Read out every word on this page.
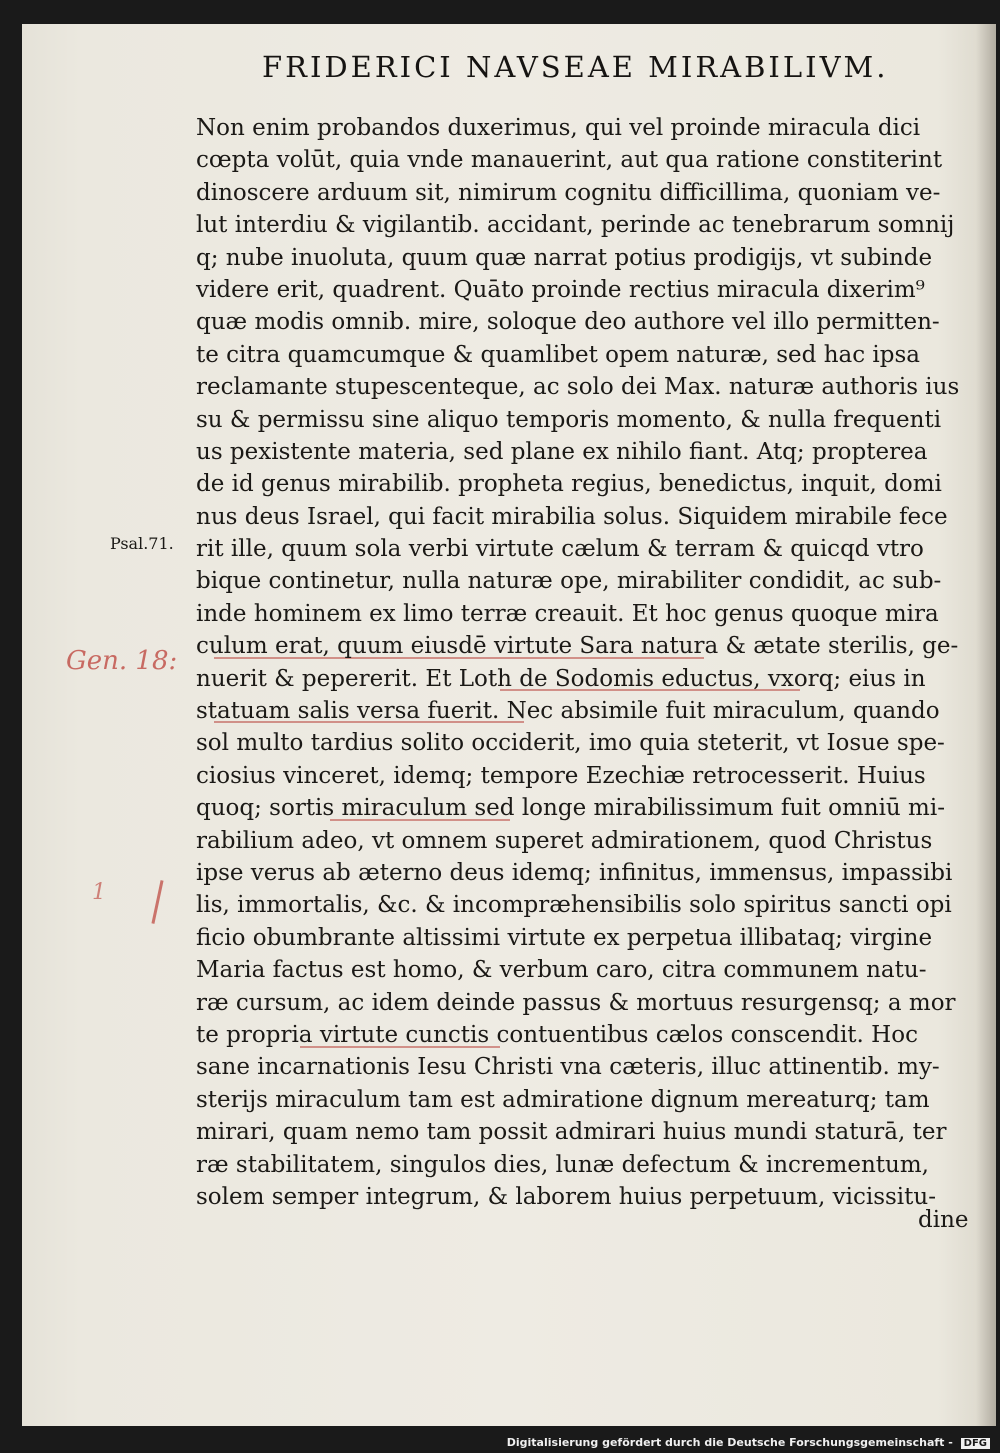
FRIDERICI NAVSEAE MIRABILIVM.
Psal.71.
Gen. 18:
1
Non enim probandos duxerimus, qui vel proinde miracula dici
cœpta volūt, quia vnde manauerint, aut qua ratione constiterint
dinoscere arduum sit, nimirum cognitu difficillima, quoniam ve-
lut interdiu & vigilantib. accidant, perinde ac tenebrarum somnij
q; nube inuoluta, quum quæ narrat potius prodigijs, vt subinde
videre erit, quadrent. Quāto proinde rectius miracula dixerim⁹
quæ modis omnib. mire, soloque deo authore vel illo permitten-
te citra quamcumque & quamlibet opem naturæ, sed hac ipsa
reclamante stupescenteque, ac solo dei Max. naturæ authoris ius
su & permissu sine aliquo temporis momento, & nulla frequenti
us pexistente materia, sed plane ex nihilo fiant. Atq; propterea
de id genus mirabilib. propheta regius, benedictus, inquit, domi
nus deus Israel, qui facit mirabilia solus. Siquidem mirabile fece
rit ille, quum sola verbi virtute cælum & terram & quicqd vtro
bique continetur, nulla naturæ ope, mirabiliter condidit, ac sub-
inde hominem ex limo terræ creauit. Et hoc genus quoque mira
culum erat, quum eiusdē virtute Sara natura & ætate sterilis, ge-
nuerit & pepererit. Et Loth de Sodomis eductus, vxorq; eius in
statuam salis versa fuerit. Nec absimile fuit miraculum, quando
sol multo tardius solito occiderit, imo quia steterit, vt Iosue spe-
ciosius vinceret, idemq; tempore Ezechiæ retrocesserit. Huius
quoq; sortis miraculum sed longe mirabilissimum fuit omniū mi-
rabilium adeo, vt omnem superet admirationem, quod Christus
ipse verus ab æterno deus idemq; infinitus, immensus, impassibi
lis, immortalis, &c. & incompræhensibilis solo spiritus sancti opi
ficio obumbrante altissimi virtute ex perpetua illibataq; virgine
Maria factus est homo, & verbum caro, citra communem natu-
ræ cursum, ac idem deinde passus & mortuus resurgensq; a mor
te propria virtute cunctis contuentibus cælos conscendit. Hoc
sane incarnationis Iesu Christi vna cæteris, illuc attinentib. my-
sterijs miraculum tam est admiratione dignum mereaturq; tam
mirari, quam nemo tam possit admirari huius mundi staturā, ter
ræ stabilitatem, singulos dies, lunæ defectum & incrementum,
solem semper integrum, & laborem huius perpetuum, vicissitu-
dine
Digitalisierung gefördert durch die Deutsche Forschungsgemeinschaft - DFG
